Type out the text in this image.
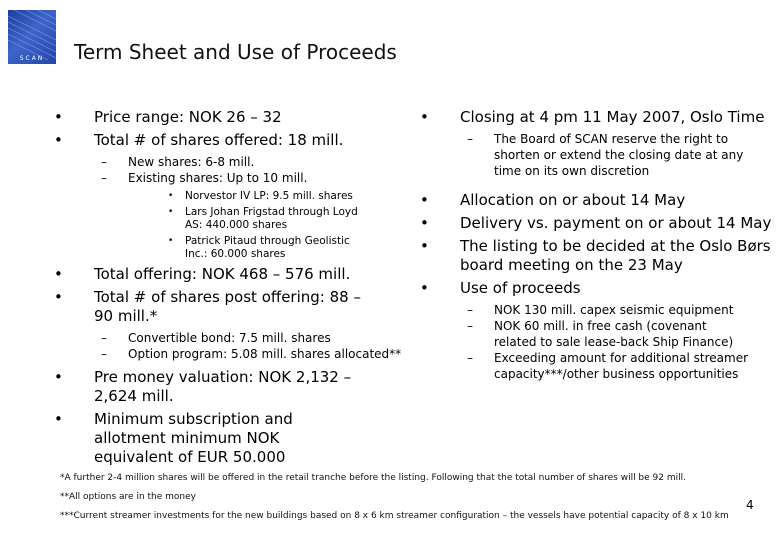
SCAN	Term Sheet and Use of Proceeds
• Price range: NOK 26 – 32
• Total # of shares offered: 18 mill.
– New shares: 6-8 mill.
– Existing shares: Up to 10 mill.
• Norvestor IV LP: 9.5 mill. shares
• Lars Johan Frigstad through Loyd AS: 440.000 shares
• Patrick Pitaud through Geolistic Inc.: 60.000 shares
• Total offering: NOK 468 – 576 mill.
• Total # of shares post offering: 88 – 90 mill.*
– Convertible bond: 7.5 mill. shares
– Option program: 5.08 mill. shares allocated**
• Pre money valuation: NOK 2,132 – 2,624 mill.
• Minimum subscription and allotment minimum NOK equivalent of EUR 50.000
• Closing at 4 pm 11 May 2007, Oslo Time
– The Board of SCAN reserve the right to shorten or extend the closing date at any time on its own discretion
• Allocation on or about 14 May
• Delivery vs. payment on or about 14 May
• The listing to be decided at the Oslo Børs board meeting on the 23 May
• Use of proceeds
– NOK 130 mill. capex seismic equipment
– NOK 60 mill. in free cash (covenant related to sale lease-back Ship Finance)
– Exceeding amount for additional streamer capacity***/other business opportunities
*A further 2-4 million shares will be offered in the retail tranche before the listing. Following that the total number of shares will be 92 mill.
**All options are in the money
***Current streamer investments for the new buildings based on 8 x 6 km streamer configuration – the vessels have potential capacity of 8 x 10 km
4
